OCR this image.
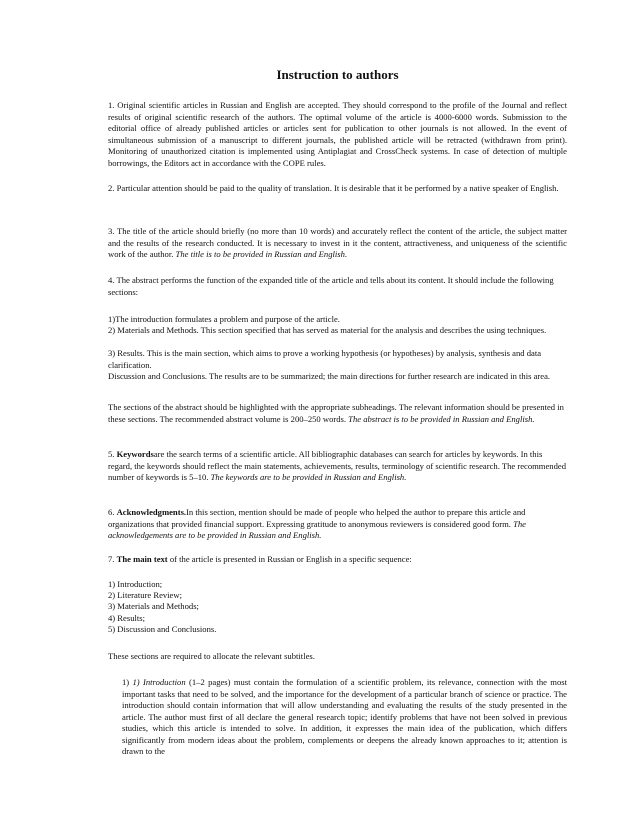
Instruction to authors

1. Original scientific articles in Russian and English are accepted. They should correspond to the profile of the Journal and reflect results of original scientific research of the authors. The optimal volume of the article is 4000-6000 words. Submission to the editorial office of already published articles or articles sent for publication to other journals is not allowed. In the event of simultaneous submission of a manuscript to different journals, the published article will be retracted (withdrawn from print). Monitoring of unauthorized citation is implemented using Antiplagiat and CrossCheck systems. In case of detection of multiple borrowings, the Editors act in accordance with the COPE rules.

2. Particular attention should be paid to the quality of translation. It is desirable that it be performed by a native speaker of English.

3. The title of the article should briefly (no more than 10 words) and accurately reflect the content of the article, the subject matter and the results of the research conducted. It is necessary to invest in it the content, attractiveness, and uniqueness of the scientific work of the author. The title is to be provided in Russian and English.

4. The abstract performs the function of the expanded title of the article and tells about its content. It should include the following sections:

1)The introduction formulates a problem and purpose of the article.

2) Materials and Methods. This section specified that has served as material for the analysis and describes the using techniques.

3) Results. This is the main section, which aims to prove a working hypothesis (or hypotheses) by analysis, synthesis and data clarification.

Discussion and Conclusions. The results are to be summarized; the main directions for further research are indicated in this area.

The sections of the abstract should be highlighted with the appropriate subheadings. The relevant information should be presented in these sections. The recommended abstract volume is 200–250 words. The abstract is to be provided in Russian and English.

5. Keywordsare the search terms of a scientific article. All bibliographic databases can search for articles by keywords. In this regard, the keywords should reflect the main statements, achievements, results, terminology of scientific research. The recommended number of keywords is 5–10. The keywords are to be provided in Russian and English.

6. Acknowledgments.In this section, mention should be made of people who helped the author to prepare this article and organizations that provided financial support. Expressing gratitude to anonymous reviewers is considered good form. The acknowledgements are to be provided in Russian and English.

7. The main text of the article is presented in Russian or English in a specific sequence:

1) Introduction;

2) Literature Review;

3) Materials and Methods;

4) Results;

5) Discussion and Conclusions.

These sections are required to allocate the relevant subtitles.

1) 1) Introduction (1–2 pages) must contain the formulation of a scientific problem, its relevance, connection with the most important tasks that need to be solved, and the importance for the development of a particular branch of science or practice. The introduction should contain information that will allow understanding and evaluating the results of the study presented in the article. The author must first of all declare the general research topic; identify problems that have not been solved in previous studies, which this article is intended to solve. In addition, it expresses the main idea of the publication, which differs significantly from modern ideas about the problem, complements or deepens the already known approaches to it; attention is drawn to the
